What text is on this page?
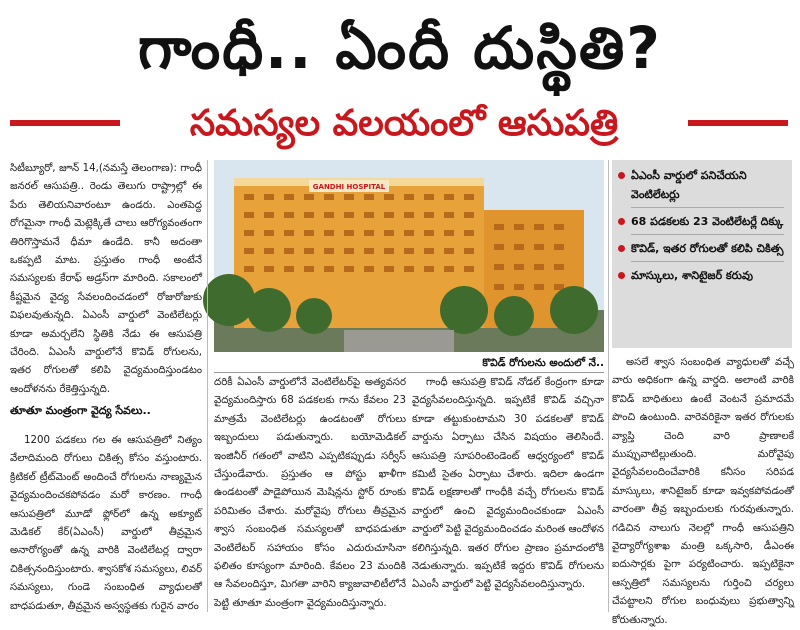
గాంధీ.. ఏందీ దుస్థితి?
సమస్యల వలయంలో ఆసుపత్రి

సిటీబ్యూరో, జూన్ 14,(నమస్తే తెలంగాణ): గాంధీ జనరల్ ఆసుపత్రి.. రెండు తెలుగు రాష్ట్రాల్లో ఈ పేరు తెలియనివారంటూ ఉండరు. ఎంతపెద్ద రోగమైనా గాంధీ మెట్లెక్కితే చాలు ఆరోగ్యవంతంగా తిరిగొస్తామనే ధీమా ఉండేది. కానీ అదంతా ఒకప్పటి మాట. ప్రస్తుతం గాంధీ అంటేనే సమస్యలకు కేరాఫ్ అడ్రస్‌గా మారింది. సకాలంలో కీష్టమైన వైద్య సేవలందించడంలో రోజురోజుకు విఫలవుతున్నది. ఏఎంసీ వార్డులో వెంటిలేటర్లు కూడా అమర్చలేని స్థితికి నేడు ఈ ఆసుపత్రి చేరింది. ఏఎంసీ వార్డులోనే కొవిడ్ రోగులను, ఇతర రోగులతో కలిపి వైద్యమందిస్తుండటం ఆందోళనను రేకెత్తిస్తున్నది.

తూతూ మంత్రంగా వైద్య సేవలు..

1200 పడకలు గల ఈ ఆసుపత్రిలో నిత్యం వేలాదిమంది రోగులు చికిత్స కోసం వస్తుంటారు. క్రిటికల్ ట్రీట్‌మెంట్ అందించే రోగులను నాణ్యమైన వైద్యమందించకపోవడం మరో కారణం. గాంధీ ఆసుపత్రిలో మూడో ఫ్లోర్‌లో ఉన్న అక్యూట్ మెడికల్ కేర్(ఏఎంసీ) వార్డులో తీవ్రమైన అనారోగ్యంతో ఉన్న వారికి వెంటిలేటర్ల ద్వారా చికిత్సనందిస్తుంటారు. శ్వాసకోశ సమస్యలు, లివర్ సమస్యలు, గుండె సంబంధిత వ్యాధులతో బాధపడుతూ, తీవ్రమైన అస్వస్థతకు గురైన వారం

GANDHI HOSPITAL
కొవిడ్ రోగులను అందులో నే..

దరికీ ఏఎంసీ వార్డులోనే వెంటిలేటర్‌పై అత్యవసర వైద్యమందిస్తారు 68 పడకలకు గాను కేవలం 23 మాత్రమే వెంటిలేటర్లు ఉండటంతో రోగులు ఇబ్బందులు పడుతున్నారు. బయోమెడికల్ ఇంజినీర్ గతంలో వాటిని ఎప్పటికప్పుడు సర్వీస్ చేస్తుండేవారు. ప్రస్తుతం ఆ పోస్టు ఖాళీగా ఉండటంతో పాడైపోయిన మెషిన్లను స్టోర్ రూంకు పరిమితం చేశారు. మరోవైపు రోగులు తీవ్రమైన శ్వాస సంబంధిత సమస్యలతో బాధపడుతూ వెంటిలేటర్ సహాయం కోసం ఎదురుచూసినా ఫలితం కూస్యంగా మారింది. కేవలం 23 మందికి ఆ సేవలందిస్తూ, మిగతా వారిని క్యాజువాలిటీలోనే పెట్టి తూతూ మంత్రంగా వైద్యమందిస్తున్నారు.

గాంధీ ఆసుపత్రి కొవిడ్ నోడల్ కేంద్రంగా కూడా వైద్యసేవలందిస్తున్నది. ఇప్పటికే కొవిడ్ వచ్చినా కూడా తట్టుకుంటామని 30 పడకలతో కొవిడ్ వార్డును ఏర్పాటు చేసిన విషయం తెలిసిందే. ఆసుపత్రి సూపరింటెండెంట్ ఆధ్వర్యంలో కొవిడ్ కమిటీ సైతం ఏర్పాటు చేశారు. ఇదిలా ఉండగా కొవిడ్ లక్షణాలతో గాంధీకి వచ్చే రోగులను కొవిడ్ వార్డులో ఉంచి వైద్యమందించకుండా ఏఎంసీ వార్డులో పెట్టి వైద్యమందించడం మరింత ఆందోళన కలిగిస్తున్నది. ఇతర రోగుల ప్రాణం ప్రమాదంలోకి నెడుతున్నారు. ఇప్పటికే ఇద్దరు కొవిడ్ రోగులను ఏఎంసీ వార్డులో పెట్టి వైద్యసేవలందిస్తున్నారు.

ఏఎంసీ వార్డులో పనిచేయని వెంటిలేటర్లు
68 పడకలకు 23 వెంటిలేటర్లే దిక్కు
కొవిడ్, ఇతర రోగులతో కలిపి చికిత్స
మాస్కులు, శానిటైజర్ కరువు

అసలే శ్వాస సంబంధిత వ్యాధులతో వచ్చే వారు అధికంగా ఉన్న వార్డది. అలాంటి వారికి కొవిడ్ బాధితులు ఉంటే వెంటనే ప్రమాదమే పొంచి ఉంటుంది. వారెవరికైనా ఇతర రోగులకు వ్యాప్తి చెంది వారి ప్రాణాలకే ముప్పువాటిల్లుతుంది. మరోవైపు వైద్యసేవలందించేవారికి కనీసం సరిపడ మాస్కులు, శానిటైజర్ కూడా ఇవ్వకపోవడంతో వారంతా తీవ్ర ఇబ్బందులకు గురవుతున్నారు. గడిచిన నాలుగు నెలల్లో గాంధీ ఆసుపత్రిని వైద్యారోగ్యశాఖ మంత్రి ఒక్కసారి, డీఎంఈ ఐదుసార్లకు పైగా పర్యటించారు. ఇప్పటికైనా ఆస్పత్రిలో సమస్యలను గుర్తించి చర్యలు చేపట్టాలని రోగుల బంధువులు ప్రభుత్వాన్ని కోరుతున్నారు.
